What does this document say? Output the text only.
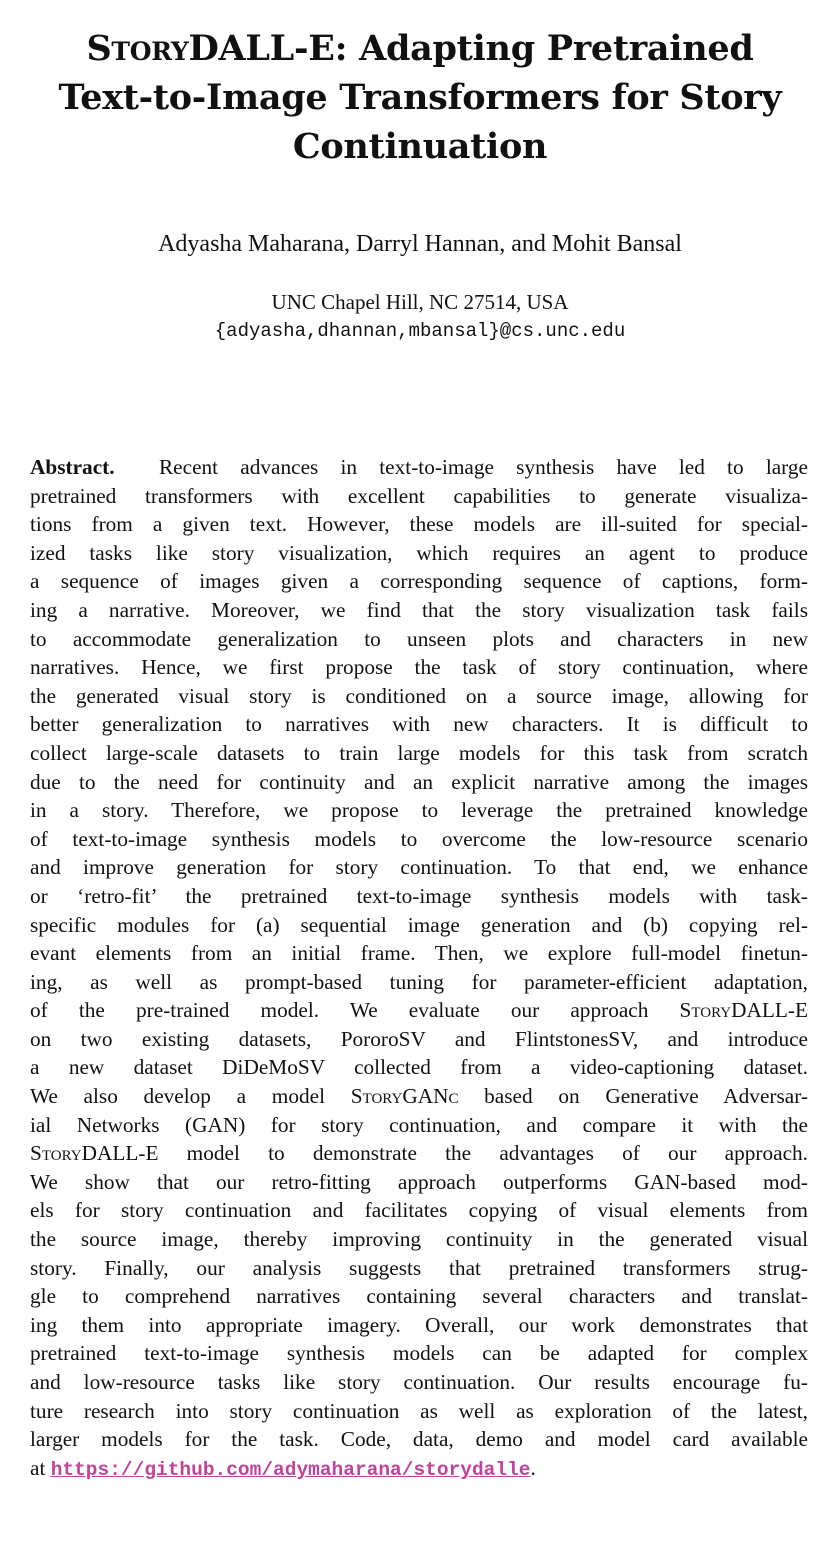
StoryDALL-E: Adapting Pretrained
Text-to-Image Transformers for Story
Continuation
Adyasha Maharana, Darryl Hannan, and Mohit Bansal
UNC Chapel Hill, NC 27514, USA
{adyasha,dhannan,mbansal}@cs.unc.edu
Abstract. Recent advances in text-to-image synthesis have led to large
pretrained transformers with excellent capabilities to generate visualiza-
tions from a given text. However, these models are ill-suited for special-
ized tasks like story visualization, which requires an agent to produce
a sequence of images given a corresponding sequence of captions, form-
ing a narrative. Moreover, we find that the story visualization task fails
to accommodate generalization to unseen plots and characters in new
narratives. Hence, we first propose the task of story continuation, where
the generated visual story is conditioned on a source image, allowing for
better generalization to narratives with new characters. It is difficult to
collect large-scale datasets to train large models for this task from scratch
due to the need for continuity and an explicit narrative among the images
in a story. Therefore, we propose to leverage the pretrained knowledge
of text-to-image synthesis models to overcome the low-resource scenario
and improve generation for story continuation. To that end, we enhance
or ‘retro-fit’ the pretrained text-to-image synthesis models with task-
specific modules for (a) sequential image generation and (b) copying rel-
evant elements from an initial frame. Then, we explore full-model finetun-
ing, as well as prompt-based tuning for parameter-efficient adaptation,
of the pre-trained model. We evaluate our approach StoryDALL-E
on two existing datasets, PororoSV and FlintstonesSV, and introduce
a new dataset DiDeMoSV collected from a video-captioning dataset.
We also develop a model StoryGANc based on Generative Adversar-
ial Networks (GAN) for story continuation, and compare it with the
StoryDALL-E model to demonstrate the advantages of our approach.
We show that our retro-fitting approach outperforms GAN-based mod-
els for story continuation and facilitates copying of visual elements from
the source image, thereby improving continuity in the generated visual
story. Finally, our analysis suggests that pretrained transformers strug-
gle to comprehend narratives containing several characters and translat-
ing them into appropriate imagery. Overall, our work demonstrates that
pretrained text-to-image synthesis models can be adapted for complex
and low-resource tasks like story continuation. Our results encourage fu-
ture research into story continuation as well as exploration of the latest,
larger models for the task. Code, data, demo and model card available
at https://github.com/adymaharana/storydalle.
